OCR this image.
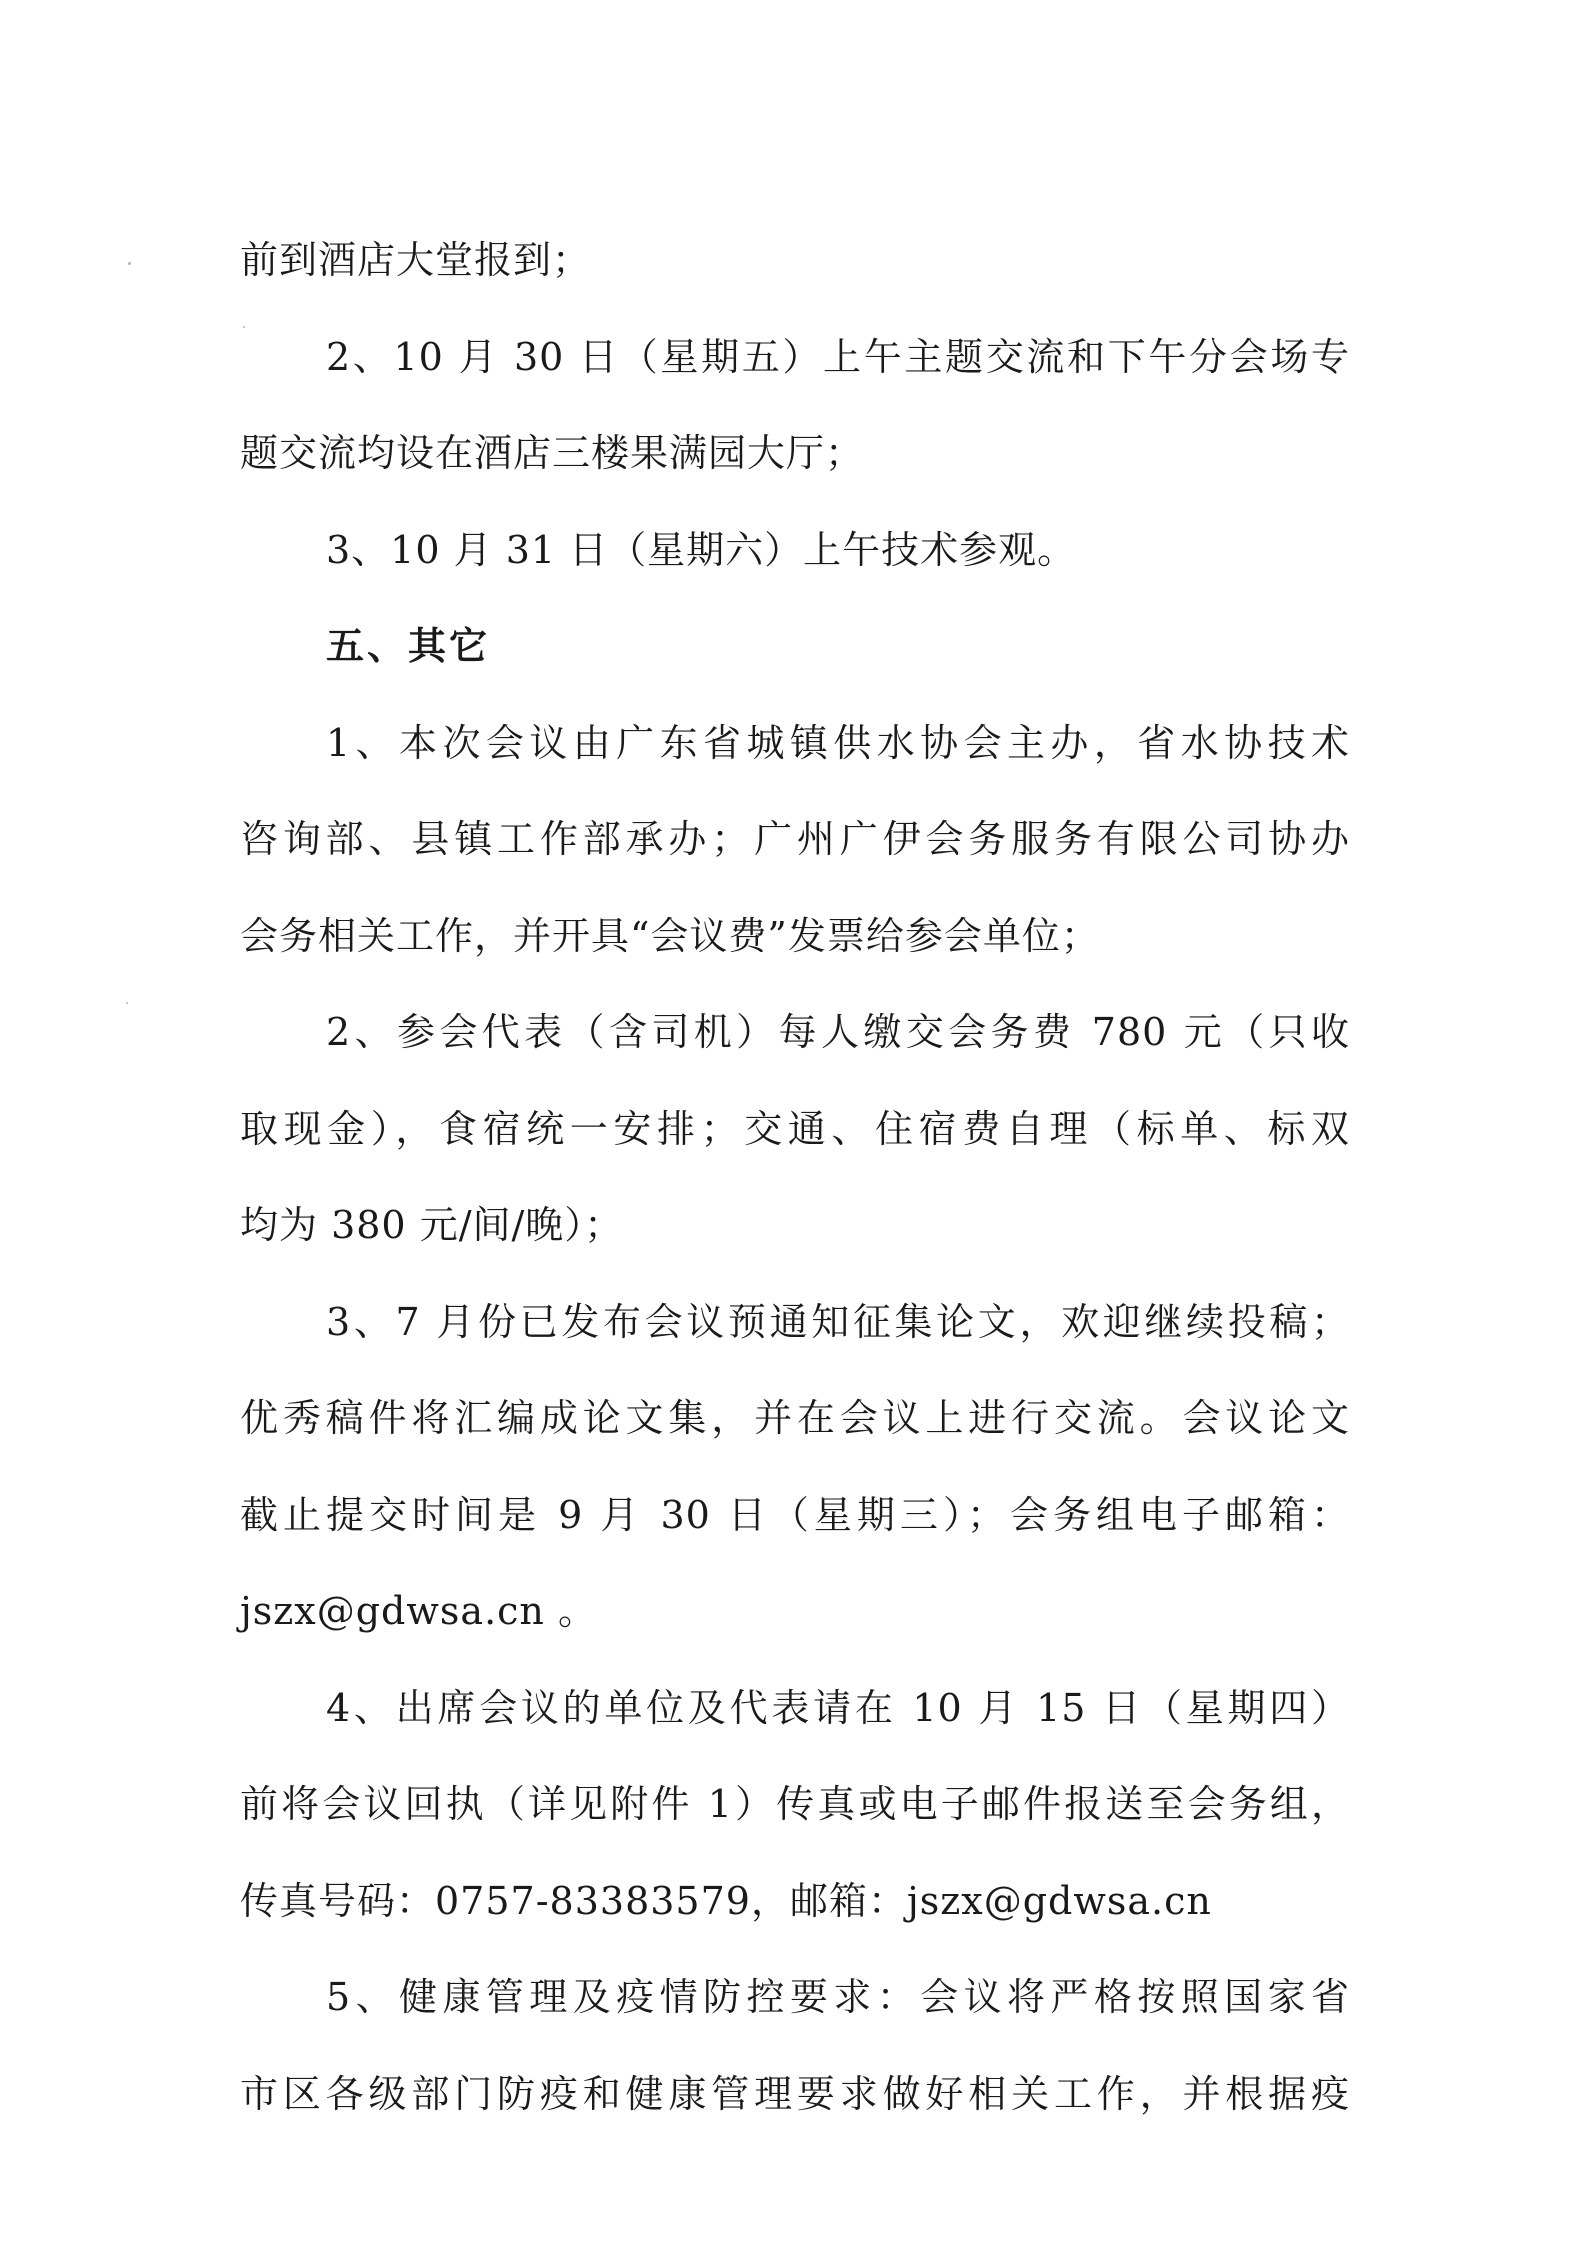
前到酒店大堂报到；
2、10 月 30 日（星期五）上午主题交流和下午分会场专
题交流均设在酒店三楼果满园大厅；
3、10 月 31 日（星期六）上午技术参观。
五、其它
1、本次会议由广东省城镇供水协会主办，省水协技术
咨询部、县镇工作部承办；广州广伊会务服务有限公司协办
会务相关工作，并开具“会议费”发票给参会单位；
2、参会代表（含司机）每人缴交会务费 780 元（只收
取现金），食宿统一安排；交通、住宿费自理（标单、标双
均为 380 元/间/晚）；
3、7 月份已发布会议预通知征集论文，欢迎继续投稿；
优秀稿件将汇编成论文集，并在会议上进行交流。会议论文
截止提交时间是 9 月 30 日（星期三）；会务组电子邮箱：
jszx@gdwsa.cn 。
4、出席会议的单位及代表请在 10 月 15 日（星期四）
前将会议回执（详见附件 1）传真或电子邮件报送至会务组，
传真号码：0757-83383579，邮箱：jszx@gdwsa.cn
5、健康管理及疫情防控要求：会议将严格按照国家省
市区各级部门防疫和健康管理要求做好相关工作，并根据疫
